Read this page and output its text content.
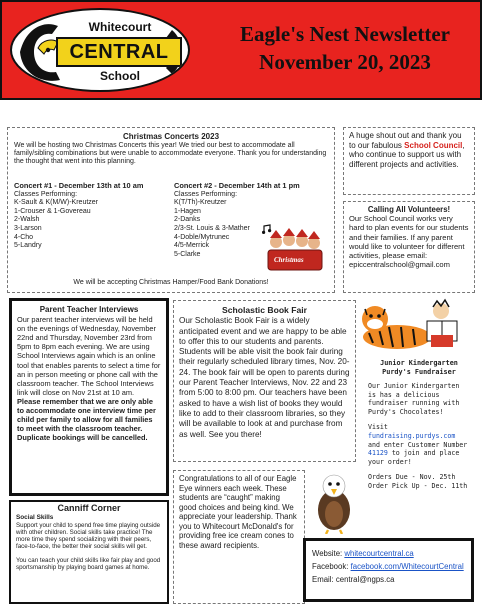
Whitecourt
CENTRAL
School
Eagle's Nest Newsletter
November 20, 2023
Christmas Concerts 2023
We will be hosting two Christmas Concerts this year! We tried our best to accommodate all family/sibling combinations but were unable to accommodate everyone. Thank you for understanding the thought that went into this planning.
Concert #1 - December 13th at 10 am
Classes Performing:
K-Sault & K(M/W)-Kreutzer
1-Crouser & 1-Govereau
2-Walsh
3-Larson
4-Cho
5-Landry
Concert #2 - December 14th at 1 pm
Classes Performing:
K(T/Th)-Kreutzer
1-Hagen
2-Danks
2/3-St. Louis & 3-Mather
4-Doble/Mytrunec
4/5-Merrick
5-Clarke
We will be accepting Christmas Hamper/Food Bank Donations!
Christmas
A huge shout out and thank you to our fabulous School Council, who continue to support us with different projects and activities.
Calling All Volunteers!
Our School Council works very hard to plan events for our students and their families. If any parent would like to volunteer for different activities, please email: epiccentralschool@gmail.com
Parent Teacher Interviews
Our parent teacher interviews will be held on the evenings of Wednesday, November 22nd and Thursday, November 23rd from 5pm to 8pm each evening. We are using School Interviews again which is an online tool that enables parents to select a time for an in person meeting or phone call with the classroom teacher. The School Interviews link will close on Nov 21st at 10 am.
Please remember that we are only able to accommodate one interview time per child per family to allow for all families to meet with the classroom teacher. Duplicate bookings will be cancelled.
Scholastic Book Fair
Our Scholastic Book Fair is a widely anticipated event and we are happy to be able to offer this to our students and parents. Students will be able visit the book fair during their regularly scheduled library times, Nov. 20-24. The book fair will be open to parents during our Parent Teacher Interviews, Nov. 22 and 23 from 5:00 to 8:00 pm. Our teachers have been asked to have a wish list of books they would like to add to their classroom libraries, so they will be available to look at and purchase from as well. See you there!
Junior Kindergarten Purdy's Fundraiser
Our Junior Kindergarten is has a delicious fundraiser running with Purdy's Chocolates!
Visit fundraising.purdys.com and enter Customer Number 41129 to join and place your order!
Orders Due - Nov. 25th
Order Pick Up - Dec. 11th
Congratulations to all of our Eagle Eye winners each week. These students are “caught” making good choices and being kind. We appreciate your leadership. Thank you to Whitecourt McDonald's for providing free ice cream cones to these award recipients.
Canniff Corner
Social Skills
Support your child to spend free time playing outside with other children. Social skills take practice! The more time they spend socializing with their peers, face-to-face, the better their social skills will get.
You can teach your child skills like fair play and good sportsmanship by playing board games at home.
Website: whitecourtcentral.ca
Facebook: facebook.com/WhitecourtCentral
Email: central@ngps.ca
